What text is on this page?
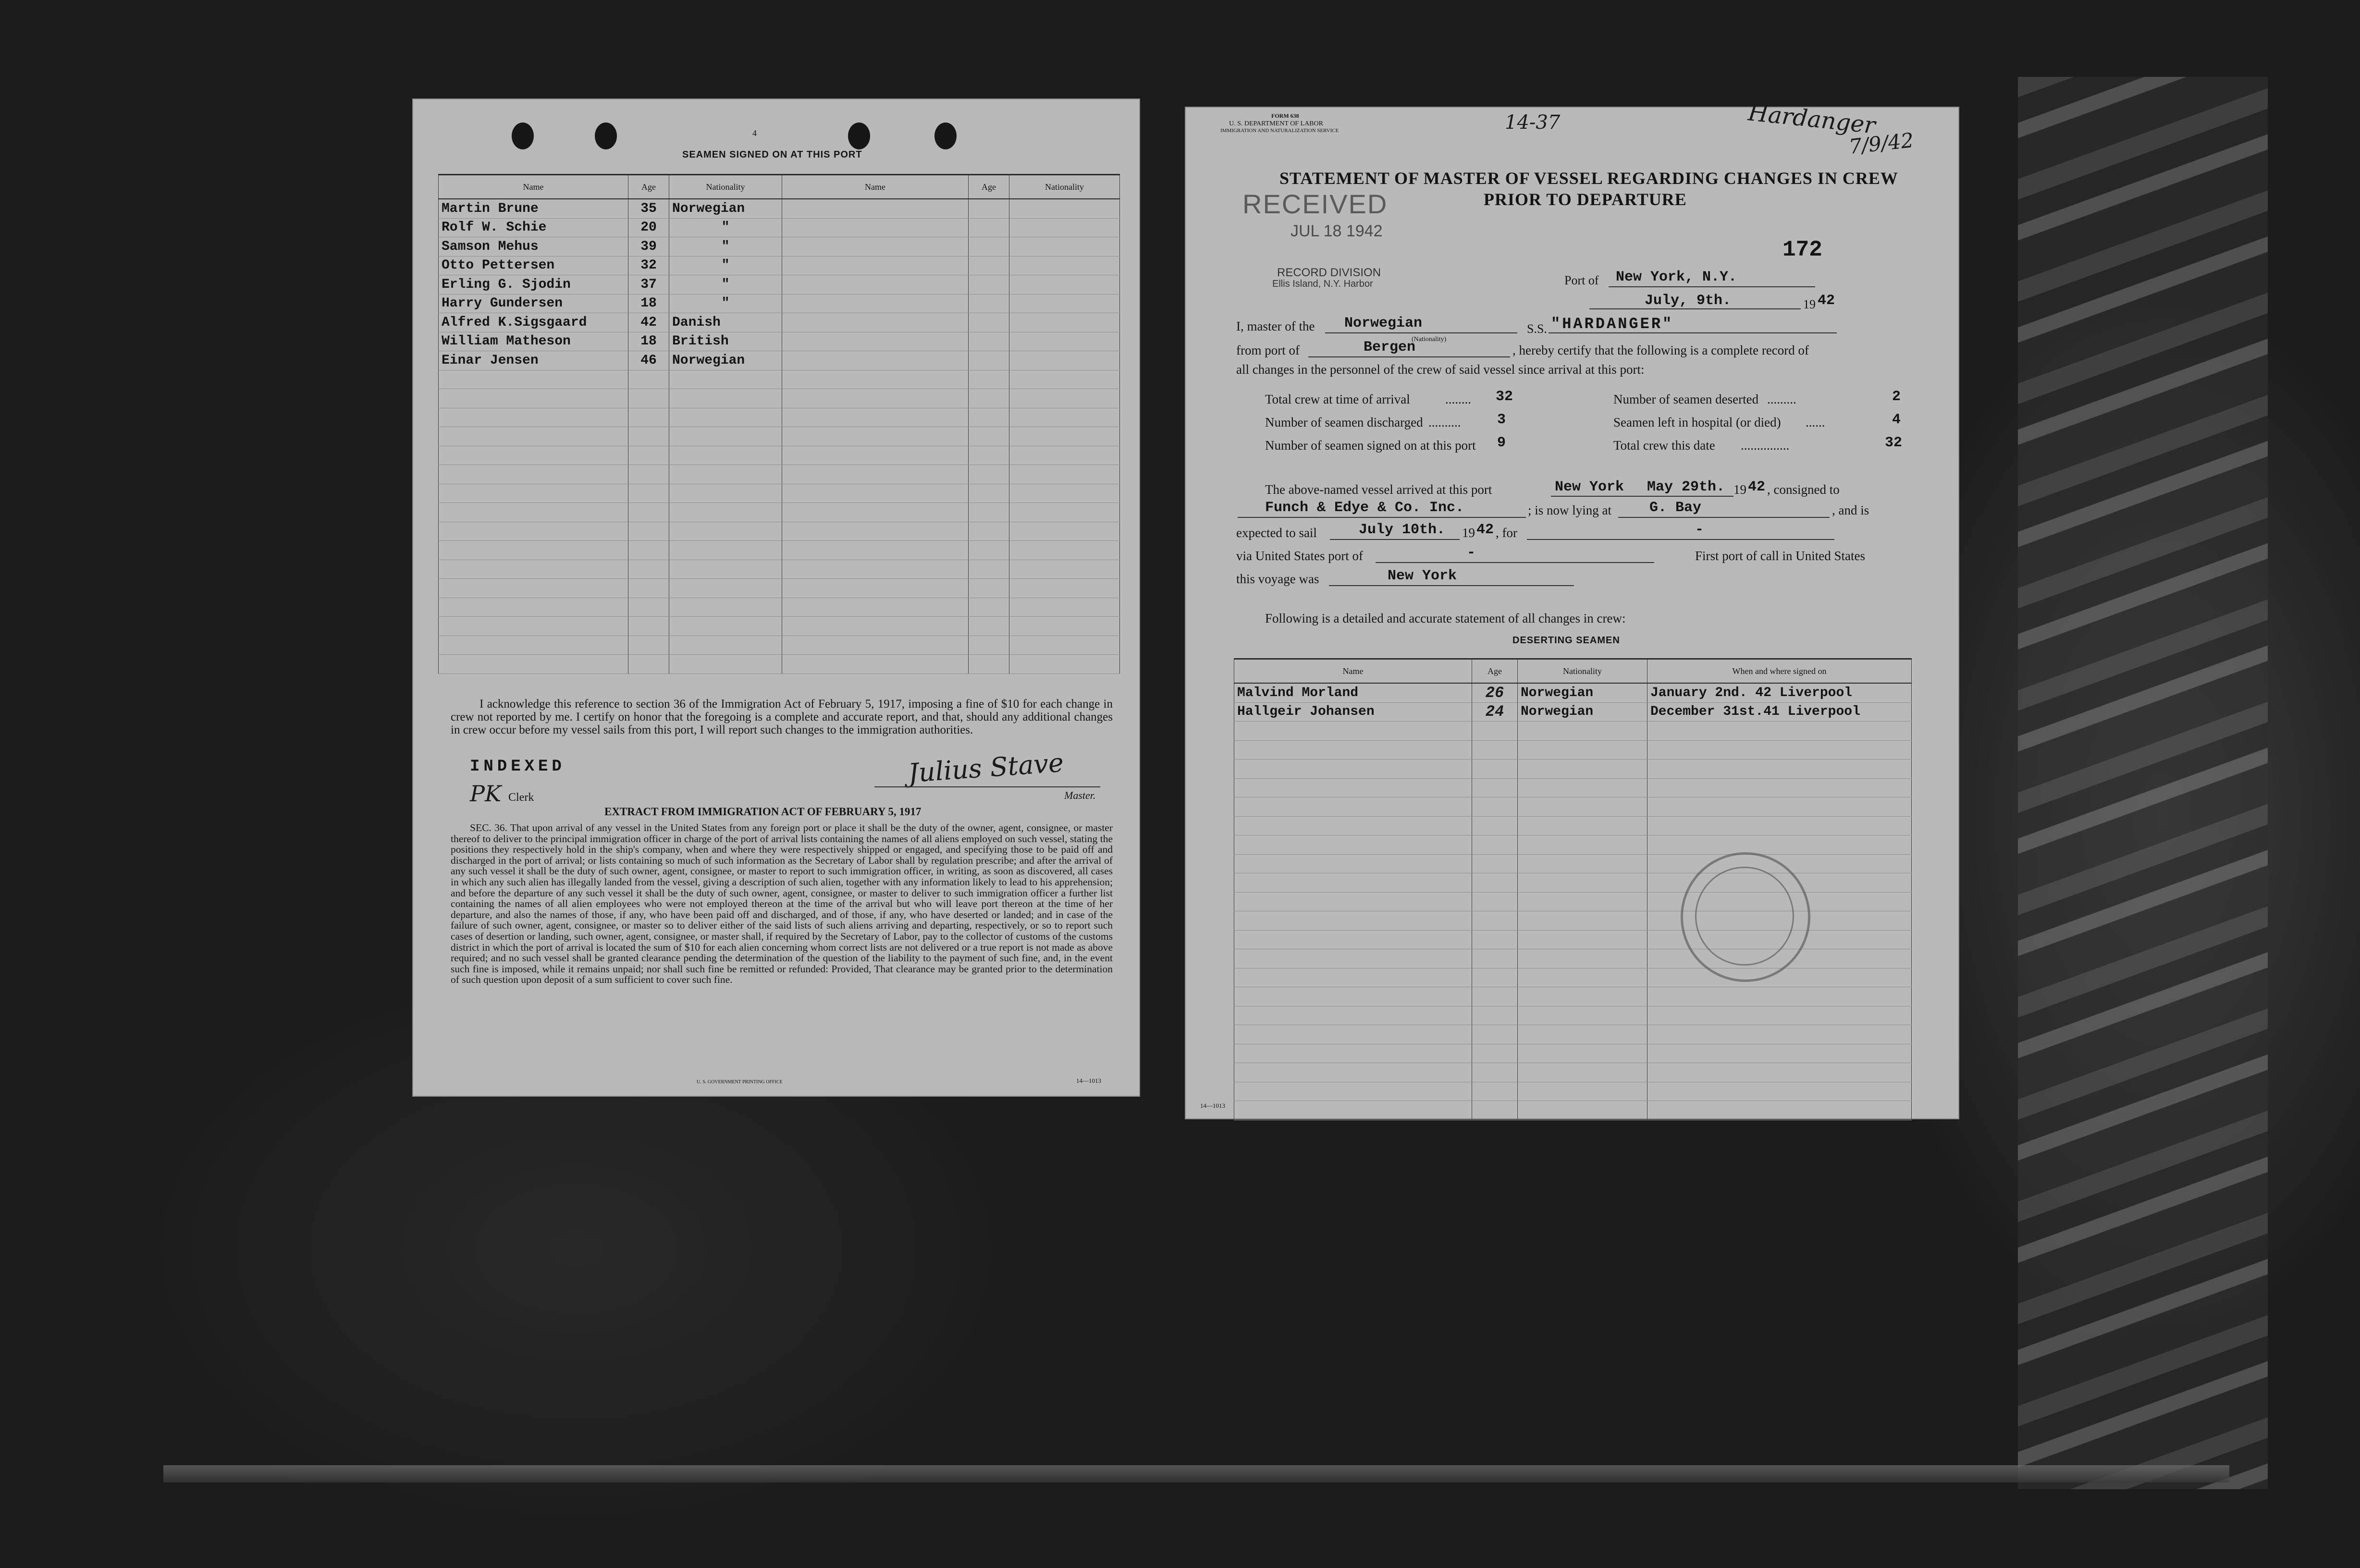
4
SEAMEN SIGNED ON AT THIS PORT
Name	Age	Nationality	Name	Age	Nationality
Martin Brune	35	Norwegian			
Rolf W. Schie	20	"			
Samson Mehus	39	"			
Otto Pettersen	32	"			
Erling G. Sjodin	37	"			
Harry Gundersen	18	"			
Alfred K.Sigsgaard	42	Danish			
William Matheson	18	British			
Einar Jensen	46	Norwegian			

I acknowledge this reference to section 36 of the Immigration Act of February 5, 1917, imposing a fine of $10 for each change in crew not reported by me. I certify on honor that the foregoing is a complete and accurate report, and that, should any additional changes in crew occur before my vessel sails from this port, I will report such changes to the immigration authorities.
INDEXED
PK Clerk
Julius Stave
Master.
EXTRACT FROM IMMIGRATION ACT OF FEBRUARY 5, 1917
SEC. 36. That upon arrival of any vessel in the United States from any foreign port or place it shall be the duty of the owner, agent, consignee, or master thereof to deliver to the principal immigration officer in charge of the port of arrival lists containing the names of all aliens employed on such vessel, stating the positions they respectively hold in the ship's company, when and where they were respectively shipped or engaged, and specifying those to be paid off and discharged in the port of arrival; or lists containing so much of such information as the Secretary of Labor shall by regulation prescribe; and after the arrival of any such vessel it shall be the duty of such owner, agent, consignee, or master to report to such immigration officer, in writing, as soon as discovered, all cases in which any such alien has illegally landed from the vessel, giving a description of such alien, together with any information likely to lead to his apprehension; and before the departure of any such vessel it shall be the duty of such owner, agent, consignee, or master to deliver to such immigration officer a further list containing the names of all alien employees who were not employed thereon at the time of the arrival but who will leave port thereon at the time of her departure, and also the names of those, if any, who have been paid off and discharged, and of those, if any, who have deserted or landed; and in case of the failure of such owner, agent, consignee, or master so to deliver either of the said lists of such aliens arriving and departing, respectively, or so to report such cases of desertion or landing, such owner, agent, consignee, or master shall, if required by the Secretary of Labor, pay to the collector of customs of the customs district in which the port of arrival is located the sum of $10 for each alien concerning whom correct lists are not delivered or a true report is not made as above required; and no such vessel shall be granted clearance pending the determination of the question of the liability to the payment of such fine, and, in the event such fine is imposed, while it remains unpaid; nor shall such fine be remitted or refunded: Provided, That clearance may be granted prior to the determination of such question upon deposit of a sum sufficient to cover such fine.
U. S. GOVERNMENT PRINTING OFFICE	14—1013
FORM 638
U. S. DEPARTMENT OF LABOR
IMMIGRATION AND NATURALIZATION SERVICE	14-37	Hardanger
7/9/42
STATEMENT OF MASTER OF VESSEL REGARDING CHANGES IN CREW
PRIOR TO DEPARTURE
RECEIVED
JUL 18 1942
RECORD DIVISION
Ellis Island, N.Y. Harbor
172
Port of New York, N.Y.
July, 9th.	19 42
I, master of the Norwegian	S.S. "HARDANGER"
(Nationality)
from port of	Bergen	, hereby certify that the following is a complete record of
all changes in the personnel of the crew of said vessel since arrival at this port:
Total crew at time of arrival	........ 32	Number of seamen deserted .........	2
Number of seamen discharged ..........	3	Seamen left in hospital (or died) ......	4
Number of seamen signed on at this port 9	Total crew this date ...............	32
The above-named vessel arrived at this port	New York May 29th. 19 42 , consigned to
Funch & Edye & Co. Inc.	; is now lying at	G. Bay	, and is
expected to sail	July 10th. 19 42 , for	-
via United States port of	-	First port of call in United States
this voyage was	New York
Following is a detailed and accurate statement of all changes in crew:
DESERTING SEAMEN
Name	Age	Nationality	When and where signed on
Malvind Morland	26	Norwegian	January 2nd. 42 Liverpool
Hallgeir Johansen	24	Norwegian	December 31st.41 Liverpool

14—1013
